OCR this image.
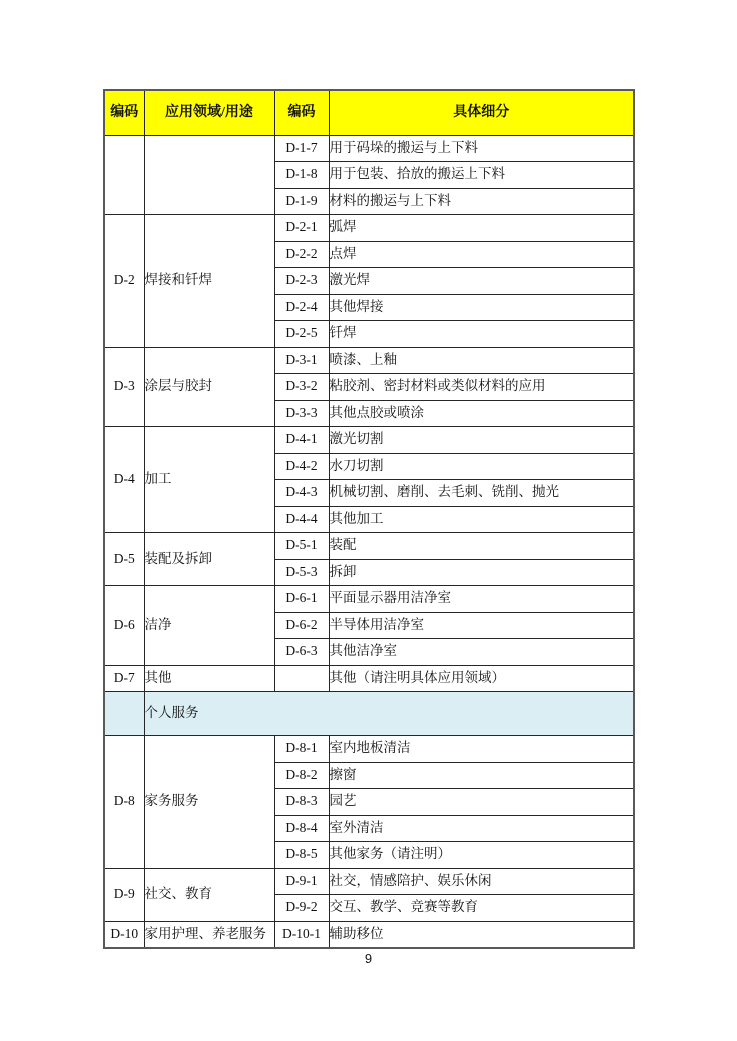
编码	应用领域/用途	编码	具体细分
		D-1-7	用于码垛的搬运与上下料
		D-1-8	用于包装、拾放的搬运上下料
		D-1-9	材料的搬运与上下料
D-2	焊接和钎焊	D-2-1	弧焊
		D-2-2	点焊
		D-2-3	激光焊
		D-2-4	其他焊接
		D-2-5	钎焊
D-3	涂层与胶封	D-3-1	喷漆、上釉
		D-3-2	粘胶剂、密封材料或类似材料的应用
		D-3-3	其他点胶或喷涂
D-4	加工	D-4-1	激光切割
		D-4-2	水刀切割
		D-4-3	机械切割、磨削、去毛刺、铣削、抛光
		D-4-4	其他加工
D-5	装配及拆卸	D-5-1	装配
		D-5-3	拆卸
D-6	洁净	D-6-1	平面显示器用洁净室
		D-6-2	半导体用洁净室
		D-6-3	其他洁净室
D-7	其他		其他（请注明具体应用领域）
	个人服务		
D-8	家务服务	D-8-1	室内地板清洁
		D-8-2	擦窗
		D-8-3	园艺
		D-8-4	室外清洁
		D-8-5	其他家务（请注明）
D-9	社交、教育	D-9-1	社交，情感陪护、娱乐休闲
		D-9-2	交互、教学、竞赛等教育
D-10	家用护理、养老服务	D-10-1	辅助移位
9
